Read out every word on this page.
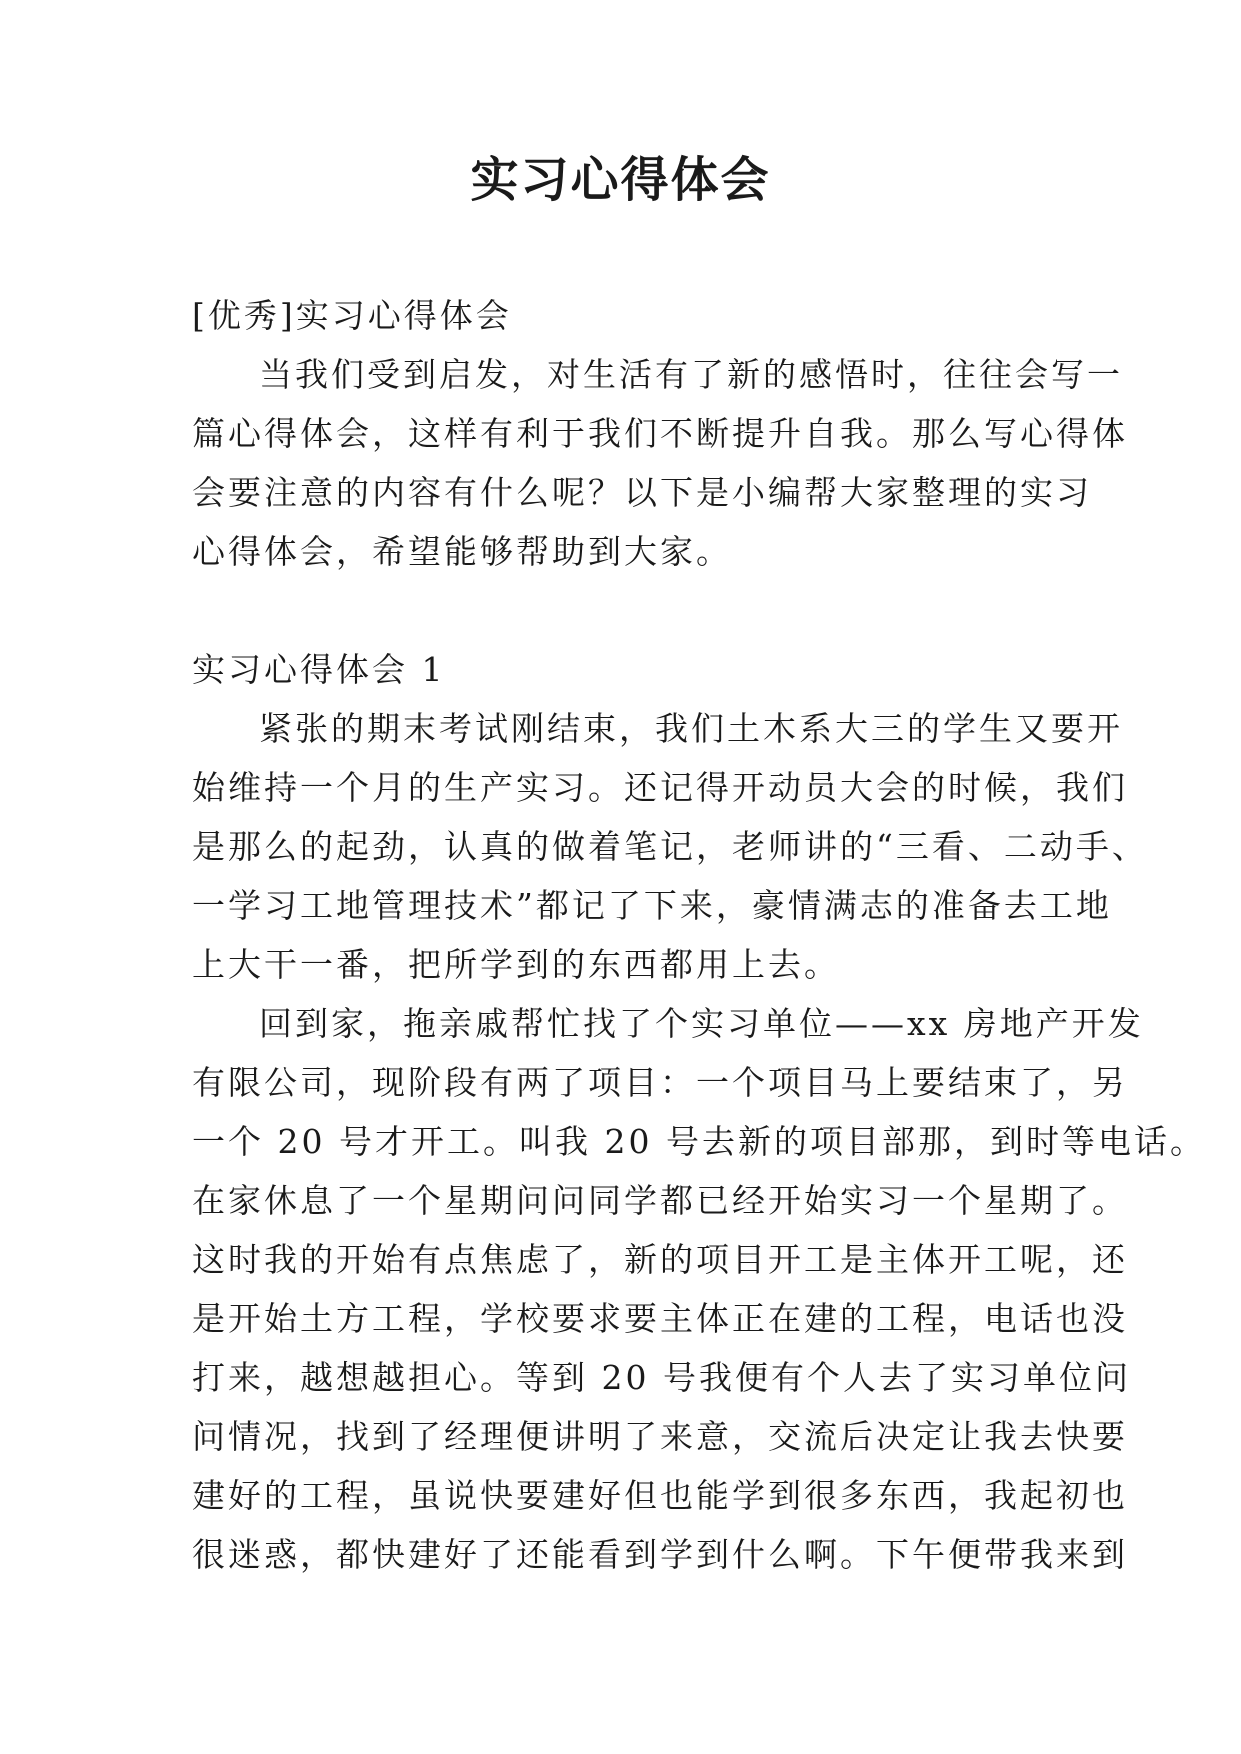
实习心得体会
[优秀]实习心得体会
当我们受到启发，对生活有了新的感悟时，往往会写一
篇心得体会，这样有利于我们不断提升自我。那么写心得体
会要注意的内容有什么呢？以下是小编帮大家整理的实习
心得体会，希望能够帮助到大家。
实习心得体会 1
紧张的期末考试刚结束，我们土木系大三的学生又要开
始维持一个月的生产实习。还记得开动员大会的时候，我们
是那么的起劲，认真的做着笔记，老师讲的“三看、二动手、
一学习工地管理技术”都记了下来，豪情满志的准备去工地
上大干一番，把所学到的东西都用上去。
回到家，拖亲戚帮忙找了个实习单位——xx 房地产开发
有限公司，现阶段有两了项目：一个项目马上要结束了，另
一个 20 号才开工。叫我 20 号去新的项目部那，到时等电话。
在家休息了一个星期问问同学都已经开始实习一个星期了。
这时我的开始有点焦虑了，新的项目开工是主体开工呢，还
是开始土方工程，学校要求要主体正在建的工程，电话也没
打来，越想越担心。等到 20 号我便有个人去了实习单位问
问情况，找到了经理便讲明了来意，交流后决定让我去快要
建好的工程，虽说快要建好但也能学到很多东西，我起初也
很迷惑，都快建好了还能看到学到什么啊。下午便带我来到
